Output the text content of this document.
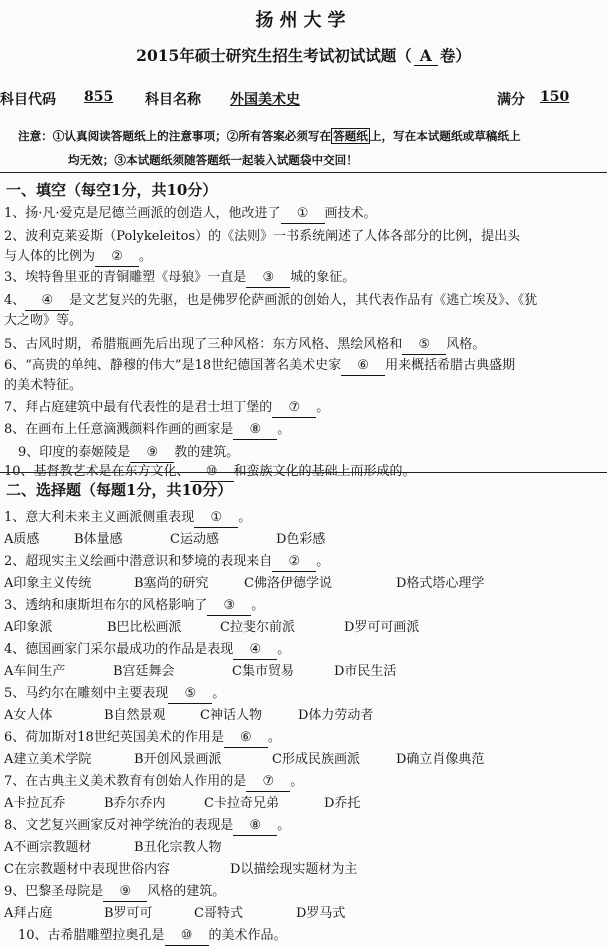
扬州大学
2015年硕士研究生招生考试初试试题（ A 卷）
科目代码 855 科目名称 外国美术史	满分 150
注意：①认真阅读答题纸上的注意事项；②所有答案必须写在 答题纸 上，写在本试题纸或草稿纸上
均无效；③本试题纸须随答题纸一起装入试题袋中交回！
一、填空（每空1分，共10分）
1、扬·凡·爱克是尼德兰画派的创造人，他改进了 ① 画技术。
2、波利克莱妥斯（Polykeleitos）的《法则》一书系统阐述了人体各部分的比例，提出头
与人体的比例为 ② 。
3、埃特鲁里亚的青铜雕塑《母狼》一直是 ③ 城的象征。
4、 ④ 是文艺复兴的先驱，也是佛罗伦萨画派的创始人，其代表作品有《逃亡埃及》、《犹
大之吻》等。
5、古风时期，希腊瓶画先后出现了三种风格：东方风格、黑绘风格和 ⑤ 风格。
6、“高贵的单纯、静穆的伟大”是18世纪德国著名美术史家 ⑥ 用来概括希腊古典盛期
的美术特征。
7、拜占庭建筑中最有代表性的是君士坦丁堡的 ⑦ 。
8、在画布上任意滴溅颜料作画的画家是 ⑧ 。
9、印度的泰姬陵是 ⑨ 教的建筑。
10、基督教艺术是在东方文化、 ⑩ 和蛮族文化的基础上而形成的。
二、选择题（每题1分，共10分）
1、意大利未来主义画派侧重表现 ① 。
A质感	B体量感	C运动感	D色彩感
2、超现实主义绘画中潜意识和梦境的表现来自 ② 。
A印象主义传统	B塞尚的研究	C佛洛伊德学说	D格式塔心理学
3、透纳和康斯坦布尔的风格影响了 ③ 。
A印象派	B巴比松画派	C拉斐尔前派	D罗可可画派
4、德国画家门采尔最成功的作品是表现 ④ 。
A车间生产	B宫廷舞会	C集市贸易	D市民生活
5、马约尔在雕刻中主要表现 ⑤ 。
A女人体	B自然景观	C神话人物	D体力劳动者
6、荷加斯对18世纪英国美术的作用是 ⑥ 。
A建立美术学院	B开创风景画派	C形成民族画派	D确立肖像典范
7、在古典主义美术教育有创始人作用的是 ⑦ 。
A卡拉瓦乔	B乔尔乔内	C卡拉奇兄弟	D乔托
8、文艺复兴画家反对神学统治的表现是 ⑧ 。
A不画宗教题材	B丑化宗教人物
C在宗教题材中表现世俗内容	D以描绘现实题材为主
9、巴黎圣母院是 ⑨ 风格的建筑。
A拜占庭	B罗可可	C哥特式	D罗马式
10、古希腊雕塑拉奥孔是 ⑩ 的美术作品。
